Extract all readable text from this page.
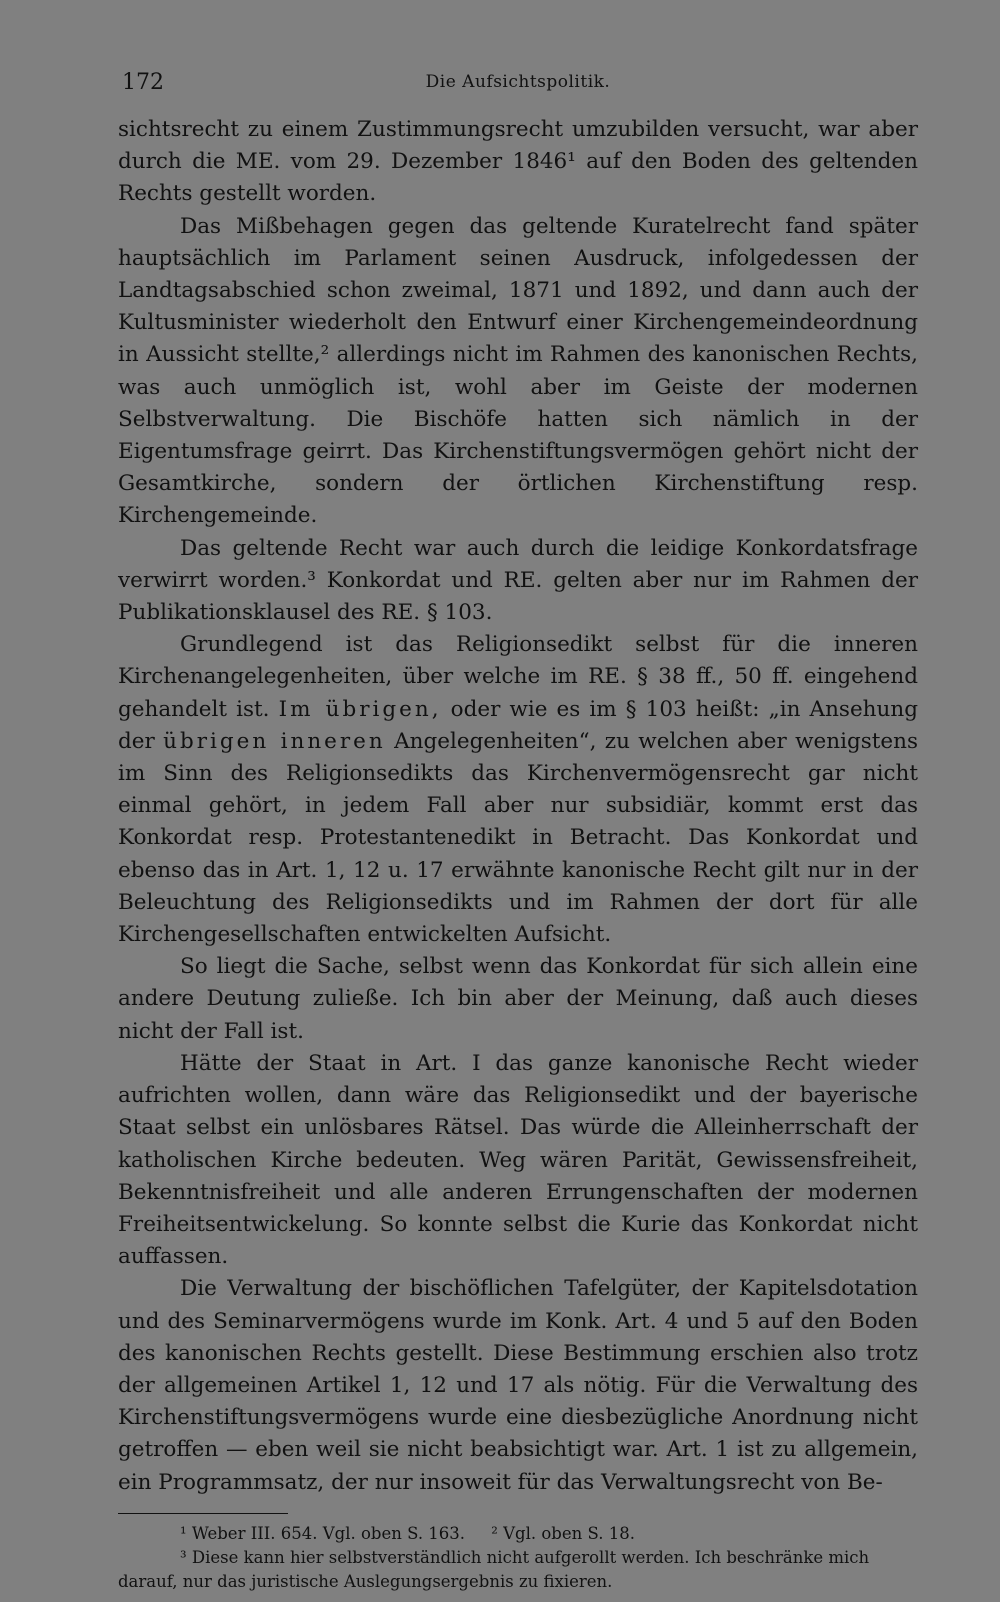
172	Die Aufsichtspolitik.

sichtsrecht zu einem Zustimmungsrecht umzubilden versucht, war aber durch die ME. vom 29. Dezember 1846¹ auf den Boden des geltenden Rechts gestellt worden.

Das Mißbehagen gegen das geltende Kuratelrecht fand später hauptsächlich im Parlament seinen Ausdruck, infolgedessen der Landtagsabschied schon zweimal, 1871 und 1892, und dann auch der Kultusminister wiederholt den Entwurf einer Kirchengemeindeordnung in Aussicht stellte,² allerdings nicht im Rahmen des kanonischen Rechts, was auch unmöglich ist, wohl aber im Geiste der modernen Selbstverwaltung. Die Bischöfe hatten sich nämlich in der Eigentumsfrage geirrt. Das Kirchenstiftungsvermögen gehört nicht der Gesamtkirche, sondern der örtlichen Kirchenstiftung resp. Kirchengemeinde.

Das geltende Recht war auch durch die leidige Konkordatsfrage verwirrt worden.³ Konkordat und RE. gelten aber nur im Rahmen der Publikationsklausel des RE. § 103.

Grundlegend ist das Religionsedikt selbst für die inneren Kirchenangelegenheiten, über welche im RE. § 38 ff., 50 ff. eingehend gehandelt ist. Im übrigen, oder wie es im § 103 heißt: „in Ansehung der übrigen inneren Angelegenheiten“, zu welchen aber wenigstens im Sinn des Religionsedikts das Kirchenvermögensrecht gar nicht einmal gehört, in jedem Fall aber nur subsidiär, kommt erst das Konkordat resp. Protestantenedikt in Betracht. Das Konkordat und ebenso das in Art. 1, 12 u. 17 erwähnte kanonische Recht gilt nur in der Beleuchtung des Religionsedikts und im Rahmen der dort für alle Kirchengesellschaften entwickelten Aufsicht.

So liegt die Sache, selbst wenn das Konkordat für sich allein eine andere Deutung zuließe. Ich bin aber der Meinung, daß auch dieses nicht der Fall ist.

Hätte der Staat in Art. I das ganze kanonische Recht wieder aufrichten wollen, dann wäre das Religionsedikt und der bayerische Staat selbst ein unlösbares Rätsel. Das würde die Alleinherrschaft der katholischen Kirche bedeuten. Weg wären Parität, Gewissensfreiheit, Bekenntnisfreiheit und alle anderen Errungenschaften der modernen Freiheitsentwickelung. So konnte selbst die Kurie das Konkordat nicht auffassen.

Die Verwaltung der bischöflichen Tafelgüter, der Kapitelsdotation und des Seminarvermögens wurde im Konk. Art. 4 und 5 auf den Boden des kanonischen Rechts gestellt. Diese Bestimmung erschien also trotz der allgemeinen Artikel 1, 12 und 17 als nötig. Für die Verwaltung des Kirchenstiftungsvermögens wurde eine diesbezügliche Anordnung nicht getroffen — eben weil sie nicht beabsichtigt war. Art. 1 ist zu allgemein, ein Programmsatz, der nur insoweit für das Verwaltungsrecht von Be-

¹ Weber III. 654. Vgl. oben S. 163.     ² Vgl. oben S. 18.

³ Diese kann hier selbstverständlich nicht aufgerollt werden. Ich beschränke mich darauf, nur das juristische Auslegungsergebnis zu fixieren.
